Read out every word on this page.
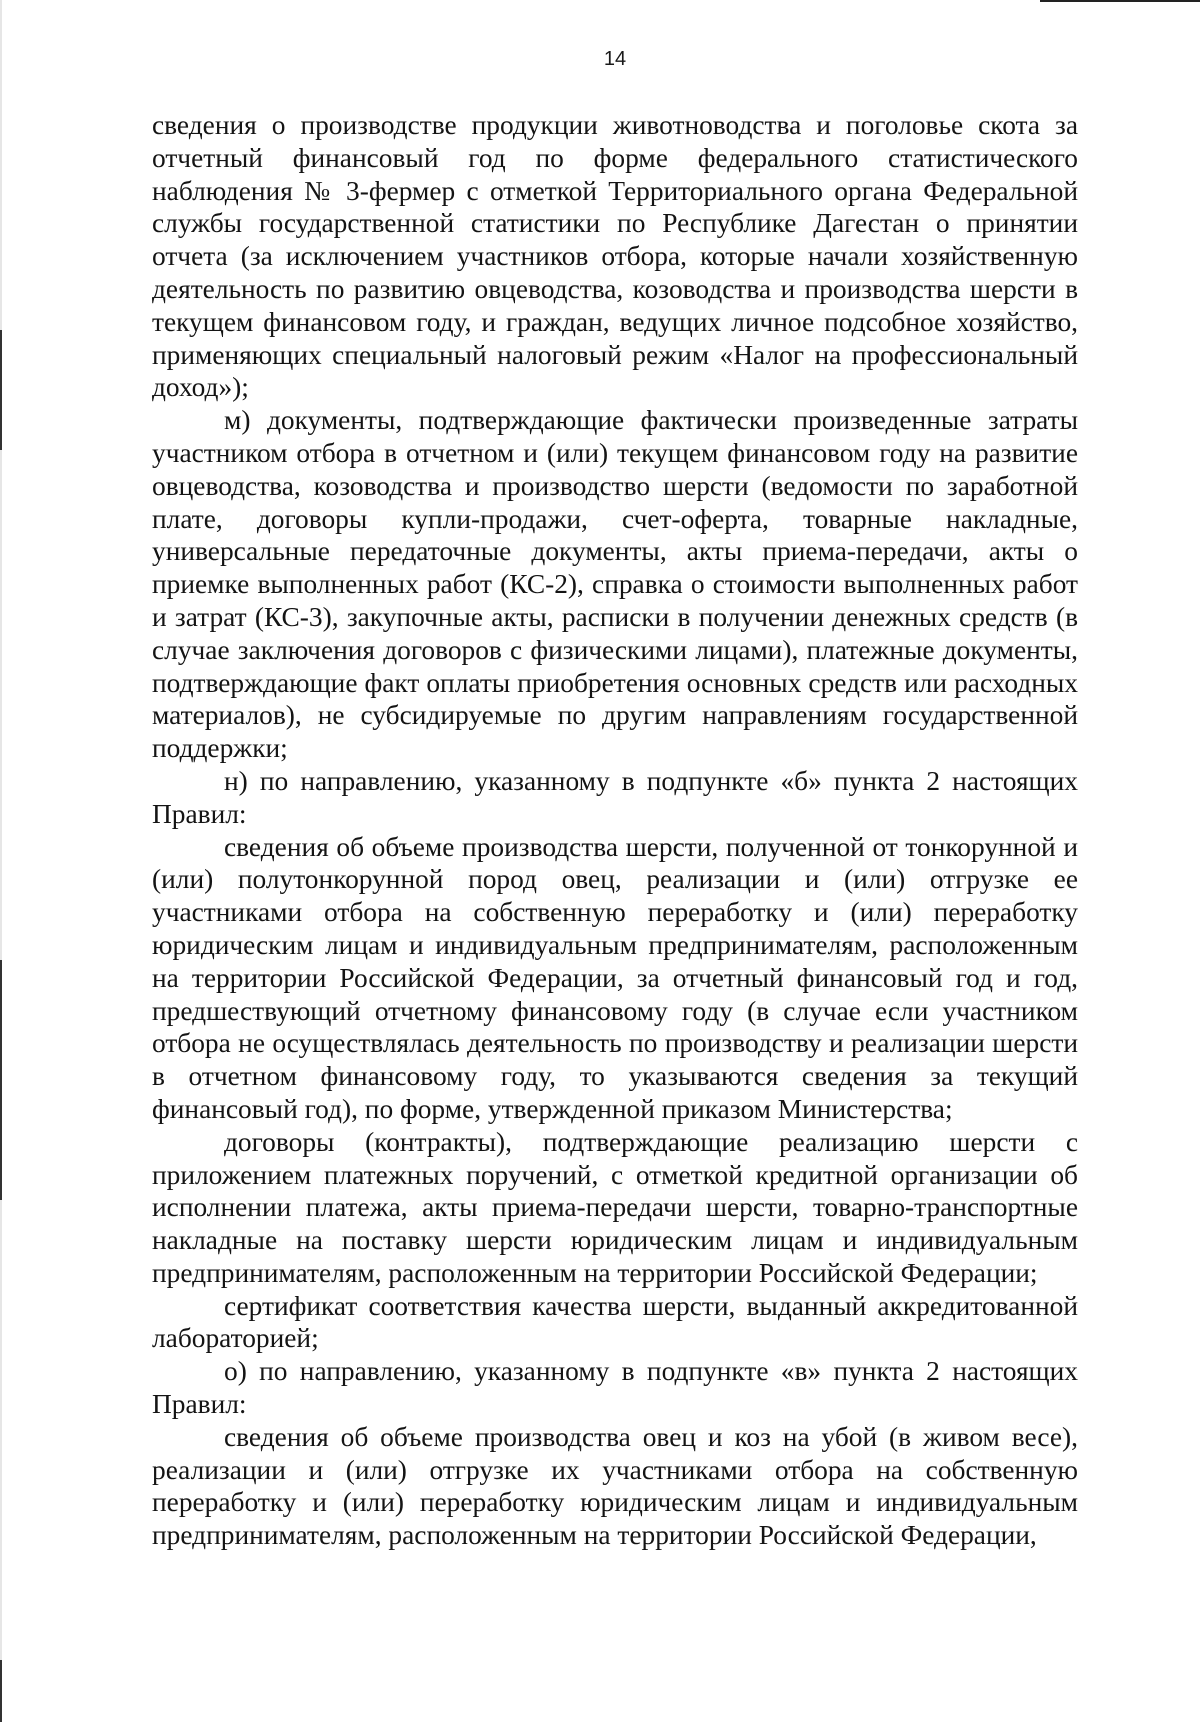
14

сведения о производстве продукции животноводства и поголовье скота за отчетный финансовый год по форме федерального статистического наблюдения № 3-фермер с отметкой Территориального органа Федеральной службы государственной статистики по Республике Дагестан о принятии отчета (за исключением участников отбора, которые начали хозяйственную деятельность по развитию овцеводства, козоводства и производства шерсти в текущем финансовом году, и граждан, ведущих личное подсобное хозяйство, применяющих специальный налоговый режим «Налог на профессиональный доход»);

м) документы, подтверждающие фактически произведенные затраты участником отбора в отчетном и (или) текущем финансовом году на развитие овцеводства, козоводства и производство шерсти (ведомости по заработной плате, договоры купли-продажи, счет-оферта, товарные накладные, универсальные передаточные документы, акты приема-передачи, акты о приемке выполненных работ (КС-2), справка о стоимости выполненных работ и затрат (КС-3), закупочные акты, расписки в получении денежных средств (в случае заключения договоров с физическими лицами), платежные документы, подтверждающие факт оплаты приобретения основных средств или расходных материалов), не субсидируемые по другим направлениям государственной поддержки;

н) по направлению, указанному в подпункте «б» пункта 2 настоящих Правил:

сведения об объеме производства шерсти, полученной от тонкорунной и (или) полутонкорунной пород овец, реализации и (или) отгрузке ее участниками отбора на собственную переработку и (или) переработку юридическим лицам и индивидуальным предпринимателям, расположенным на территории Российской Федерации, за отчетный финансовый год и год, предшествующий отчетному финансовому году (в случае если участником отбора не осуществлялась деятельность по производству и реализации шерсти в отчетном финансовому году, то указываются сведения за текущий финансовый год), по форме, утвержденной приказом Министерства;

договоры (контракты), подтверждающие реализацию шерсти с приложением платежных поручений, с отметкой кредитной организации об исполнении платежа, акты приема-передачи шерсти, товарно-транспортные накладные на поставку шерсти юридическим лицам и индивидуальным предпринимателям, расположенным на территории Российской Федерации;

сертификат соответствия качества шерсти, выданный аккредитованной лабораторией;

о) по направлению, указанному в подпункте «в» пункта 2 настоящих Правил:

сведения об объеме производства овец и коз на убой (в живом весе), реализации и (или) отгрузке их участниками отбора на собственную переработку и (или) переработку юридическим лицам и индивидуальным предпринимателям, расположенным на территории Российской Федерации,
